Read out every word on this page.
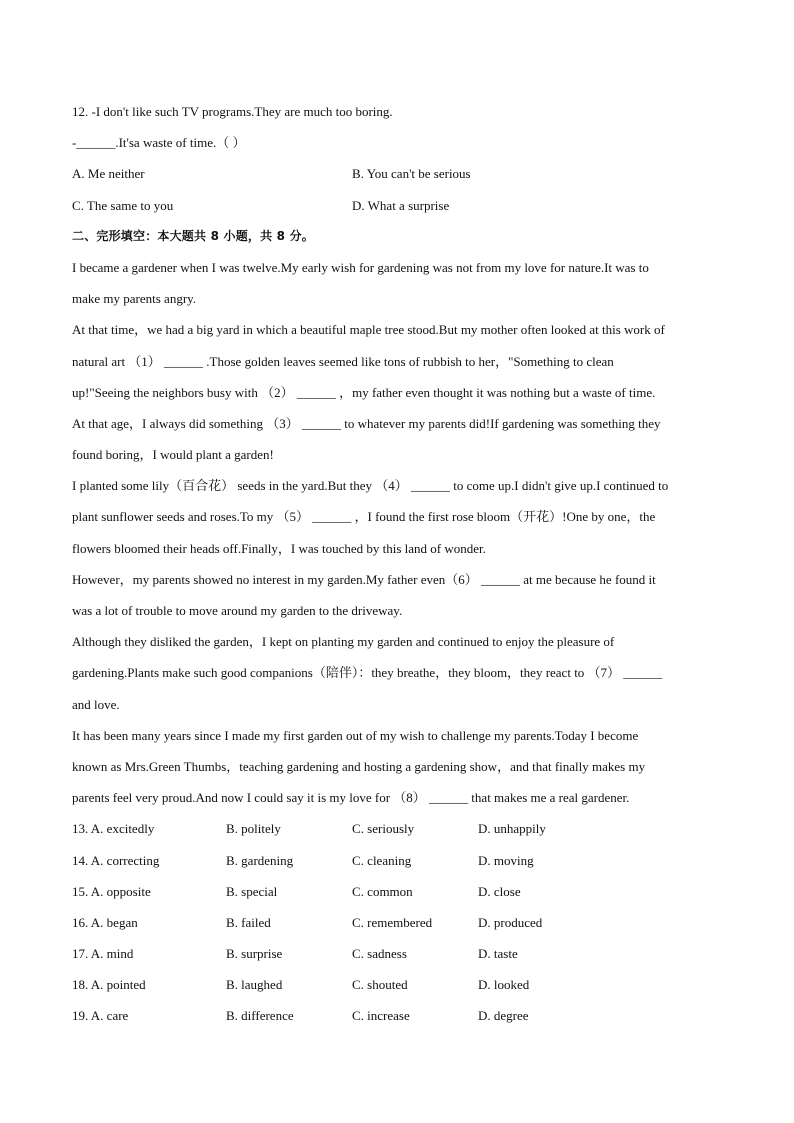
12. -I don't like such TV programs.They are much too boring.
-______.It'sa waste of time.（ ）
A. Me neither	B. You can't be serious
C. The same to you	D. What a surprise
二、完形填空：本大题共 8 小题，共 8 分。
I became a gardener when I was twelve.My early wish for gardening was not from my love for nature.It was to
make my parents angry.
At that time，we had a big yard in which a beautiful maple tree stood.But my mother often looked at this work of
natural art （1） ______ .Those golden leaves seemed like tons of rubbish to her，"Something to clean
up!"Seeing the neighbors busy with （2） ______ ，my father even thought it was nothing but a waste of time.
At that age，I always did something （3） ______ to whatever my parents did!If gardening was something they
found boring，I would plant a garden!
I planted some lily（百合花） seeds in the yard.But they （4） ______ to come up.I didn't give up.I continued to
plant sunflower seeds and roses.To my （5） ______ ，I found the first rose bloom（开花）!One by one，the
flowers bloomed their heads off.Finally，I was touched by this land of wonder.
However，my parents showed no interest in my garden.My father even（6） ______ at me because he found it
was a lot of trouble to move around my garden to the driveway.
Although they disliked the garden，I kept on planting my garden and continued to enjoy the pleasure of
gardening.Plants make such good companions（陪伴）：they breathe，they bloom，they react to （7） ______
and love.
It has been many years since I made my first garden out of my wish to challenge my parents.Today I become
known as Mrs.Green Thumbs，teaching gardening and hosting a gardening show，and that finally makes my
parents feel very proud.And now I could say it is my love for （8） ______ that makes me a real gardener.
13. A. excitedly	B. politely	C. seriously	D. unhappily
14. A. correcting	B. gardening	C. cleaning	D. moving
15. A. opposite	B. special	C. common	D. close
16. A. began	B. failed	C. remembered	D. produced
17. A. mind	B. surprise	C. sadness	D. taste
18. A. pointed	B. laughed	C. shouted	D. looked
19. A. care	B. difference	C. increase	D. degree
